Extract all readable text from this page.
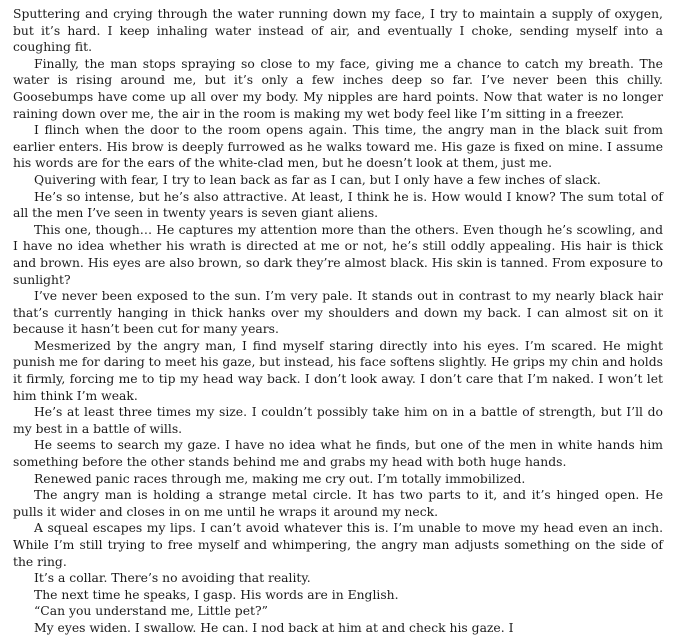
Sputtering and crying through the water running down my face, I try to maintain a supply of oxygen, but it’s hard. I keep inhaling water instead of air, and eventually I choke, sending myself into a coughing fit.

Finally, the man stops spraying so close to my face, giving me a chance to catch my breath. The water is rising around me, but it’s only a few inches deep so far. I’ve never been this chilly. Goosebumps have come up all over my body. My nipples are hard points. Now that water is no longer raining down over me, the air in the room is making my wet body feel like I’m sitting in a freezer.

I flinch when the door to the room opens again. This time, the angry man in the black suit from earlier enters. His brow is deeply furrowed as he walks toward me. His gaze is fixed on mine. I assume his words are for the ears of the white-clad men, but he doesn’t look at them, just me.

Quivering with fear, I try to lean back as far as I can, but I only have a few inches of slack.

He’s so intense, but he’s also attractive. At least, I think he is. How would I know? The sum total of all the men I’ve seen in twenty years is seven giant aliens.

This one, though… He captures my attention more than the others. Even though he’s scowling, and I have no idea whether his wrath is directed at me or not, he’s still oddly appealing. His hair is thick and brown. His eyes are also brown, so dark they’re almost black. His skin is tanned. From exposure to sunlight?

I’ve never been exposed to the sun. I’m very pale. It stands out in contrast to my nearly black hair that’s currently hanging in thick hanks over my shoulders and down my back. I can almost sit on it because it hasn’t been cut for many years.

Mesmerized by the angry man, I find myself staring directly into his eyes. I’m scared. He might punish me for daring to meet his gaze, but instead, his face softens slightly. He grips my chin and holds it firmly, forcing me to tip my head way back. I don’t look away. I don’t care that I’m naked. I won’t let him think I’m weak.

He’s at least three times my size. I couldn’t possibly take him on in a battle of strength, but I’ll do my best in a battle of wills.

He seems to search my gaze. I have no idea what he finds, but one of the men in white hands him something before the other stands behind me and grabs my head with both huge hands.

Renewed panic races through me, making me cry out. I’m totally immobilized.

The angry man is holding a strange metal circle. It has two parts to it, and it’s hinged open. He pulls it wider and closes in on me until he wraps it around my neck.

A squeal escapes my lips. I can’t avoid whatever this is. I’m unable to move my head even an inch. While I’m still trying to free myself and whimpering, the angry man adjusts something on the side of the ring.

It’s a collar. There’s no avoiding that reality.

The next time he speaks, I gasp. His words are in English.

“Can you understand me, Little pet?”

My eyes widen. I swallow. He can. I nod back at him at and check his gaze. I
